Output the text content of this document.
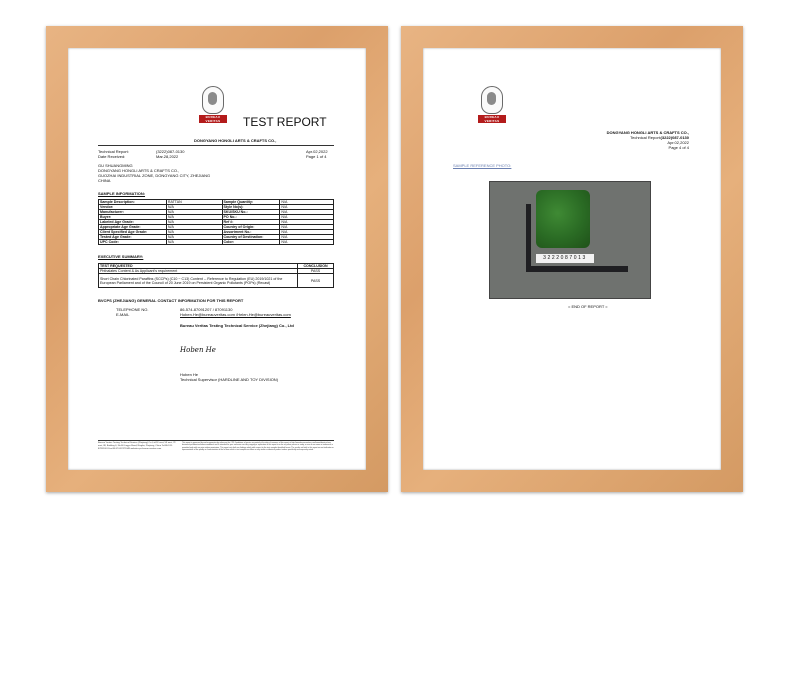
BUREAU
VERITAS	TEST REPORT
DONGYANG HONGLI ARTS & CRAFTS CO.,
Technical Report:	(3222)087-0130	Apr.02,2022
Date Received:	Mar.28,2022	Page 1 of 4
GU SHUANGMING
DONGYANG HONGLI ARTS & CRAFTS CO.,
GUOZHAI INDUSTRIAL ZONE, DONGYANG CITY, ZHEJIANG
CHINA
SAMPLE INFORMATION:
Sample Description:	RATTAN	Sample Quantity:	N/A
Vendor:	N/A	Style No(s):	N/A
Manufacturer:	N/A	SKU/SKU No.:	N/A
Buyer:	N/A	PO No.:	N/A
Labeled Age Grade:	N/A	Ref #:	N/A
Appropriate Age Grade:	N/A	Country of Origin:	N/A
Client Specified Age Grade:	N/A	Assortment No.:	N/A
Tested Age Grade:	N/A	Country of Destination:	N/A
UPC Code:	N/A	Color:	N/A
EXECUTIVE SUMMARY:
TEST REQUESTED	CONCLUSION
Phthalates Content & As Applicant's requirement	PASS
Short Chain Chlorinated Paraffins (SCCPs) (C10 ~ C13) Content -- Reference to Regulation (EU) 2019/1021 of the European Parliament and of the Council of 20 June 2019 on Persistent Organic Pollutants (POPs) (Recast)	PASS
BVCPS (ZHEJIANG) GENERAL CONTACT INFORMATION FOR THIS REPORT
TELEPHONE NO.	86-574-87091207 / 87091130
E-MAIL	Hoben.He@bureauveritas.com /Helen.He@bureauveritas.com
Bureau Veritas Testing Technical Service (Zhejiang) Co., Ltd
Hoben He
Hoben He
Technical Supervisor (HARDLINE AND TOY DIVISION)
Bureau Veritas Testing Technical Service (Zhejiang) Co.,Ltd 1F east, 5F east, 7F east, 8F, Building 6, No.66 Lingyu Road, Ningbo, Zhejiang, China Tel:86-574-87091001 Fax:86-574-87471048 website:cps.bureau-veritas.com
This report is governed by and incorporates by reference the CPS Conditions of service as posted at the date of issuance of this report at http://www.bureauveritas.com/home/about-us/our-business/cps/about-us/terms-conditions/ and is intended for your exclusive use. Any copying or replication of this report to or for any other person or entity, or use of our name or trademark, is permitted only with our prior written permission. This report sets forth our findings solely with respect to the test samples identified herein. The results set forth in this report are not indicative or representative of the quality or characteristics of the lot from which a test sample was taken or any similar or identical product unless specifically and expressly noted.
BUREAU
VERITAS
DONGYANG HONGLI ARTS & CRAFTS CO.,
Technical Report: (3222)087-0130
Apr.02,2022
Page 4 of 4
SAMPLE REFERENCE PHOTO:
3222087013
= END OF REPORT =
